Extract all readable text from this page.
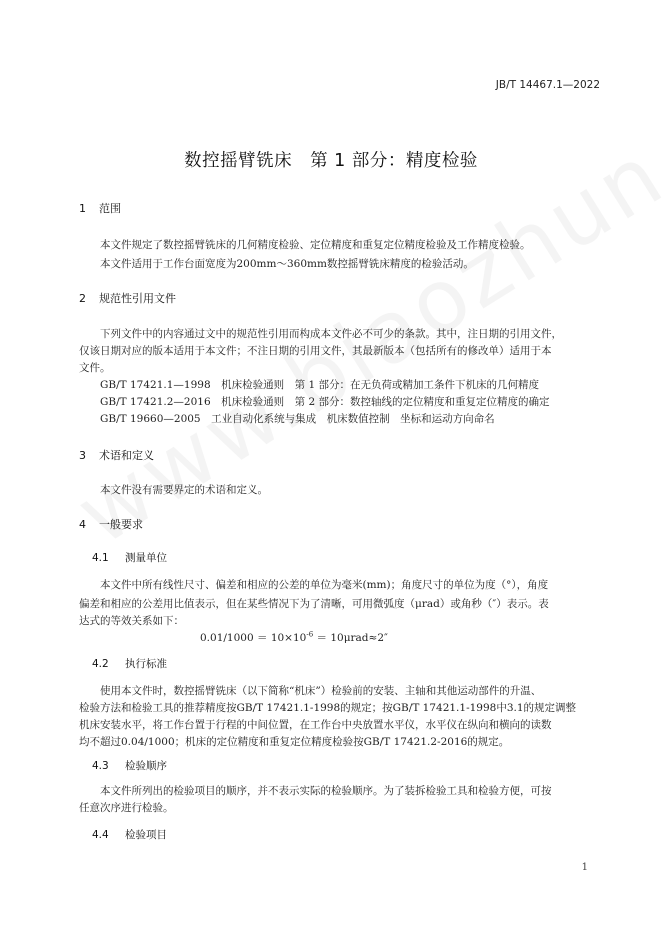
JB/T 14467.1—2022
数控摇臂铣床　第 1 部分：精度检验
1 范围
本文件规定了数控摇臂铣床的几何精度检验、定位精度和重复定位精度检验及工作精度检验。
本文件适用于工作台面宽度为200mm～360mm数控摇臂铣床精度的检验活动。
2 规范性引用文件
下列文件中的内容通过文中的规范性引用而构成本文件必不可少的条款。其中，注日期的引用文件，
仅该日期对应的版本适用于本文件；不注日期的引用文件，其最新版本（包括所有的修改单）适用于本
文件。
GB/T 17421.1—1998　机床检验通则　第 1 部分：在无负荷或精加工条件下机床的几何精度
GB/T 17421.2—2016　机床检验通则　第 2 部分：数控轴线的定位精度和重复定位精度的确定
GB/T 19660—2005　工业自动化系统与集成　机床数值控制　坐标和运动方向命名
3 术语和定义
本文件没有需要界定的术语和定义。
4 一般要求
4.1 测量单位
本文件中所有线性尺寸、偏差和相应的公差的单位为毫米(mm)；角度尺寸的单位为度（°），角度
偏差和相应的公差用比值表示，但在某些情况下为了清晰，可用微弧度（μrad）或角秒（″）表示。表
达式的等效关系如下：
$0.01/1000 = 10\times 10^{-6} = 10\mu rad\approx 2''$
4.2 执行标准
使用本文件时，数控摇臂铣床（以下简称“机床”）检验前的安装、主轴和其他运动部件的升温、
检验方法和检验工具的推荐精度按GB/T 17421.1-1998的规定；按GB/T 17421.1-1998中3.1的规定调整
机床安装水平，将工作台置于行程的中间位置，在工作台中央放置水平仪，水平仪在纵向和横向的读数
均不超过0.04/1000；机床的定位精度和重复定位精度检验按GB/T 17421.2-2016的规定。
4.3 检验顺序
本文件所列出的检验项目的顺序，并不表示实际的检验顺序。为了装拆检验工具和检验方便，可按
任意次序进行检验。
4.4 检验项目
1
